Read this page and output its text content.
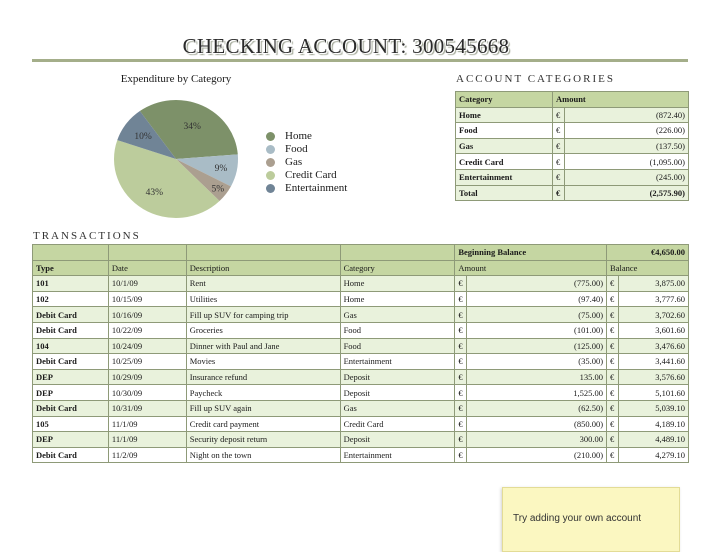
CHECKING ACCOUNT: 300545668
Expenditure by Category
34%
9%
5%
43%
10%	Home
Food
Gas
Credit Card
Entertainment
ACCOUNT CATEGORIES
Category	Amount	
Home	€	(872.40)
Food	€	(226.00)
Gas	€	(137.50)
Credit Card	€	(1,095.00)
Entertainment	€	(245.00)
Total	€	(2,575.90)
TRANSACTIONS
				Beginning Balance		€4,650.00	
Type	Date	Description	Category	Amount		Balance	
101	10/1/09	Rent	Home	€	(775.00)	€	3,875.00
102	10/15/09	Utilities	Home	€	(97.40)	€	3,777.60
Debit Card	10/16/09	Fill up SUV for camping trip	Gas	€	(75.00)	€	3,702.60
Debit Card	10/22/09	Groceries	Food	€	(101.00)	€	3,601.60
104	10/24/09	Dinner with Paul and Jane	Food	€	(125.00)	€	3,476.60
Debit Card	10/25/09	Movies	Entertainment	€	(35.00)	€	3,441.60
DEP	10/29/09	Insurance refund	Deposit	€	135.00	€	3,576.60
DEP	10/30/09	Paycheck	Deposit	€	1,525.00	€	5,101.60
Debit Card	10/31/09	Fill up SUV again	Gas	€	(62.50)	€	5,039.10
105	11/1/09	Credit card payment	Credit Card	€	(850.00)	€	4,189.10
DEP	11/1/09	Security deposit return	Deposit	€	300.00	€	4,489.10
Debit Card	11/2/09	Night on the town	Entertainment	€	(210.00)	€	4,279.10
Try adding your own account
